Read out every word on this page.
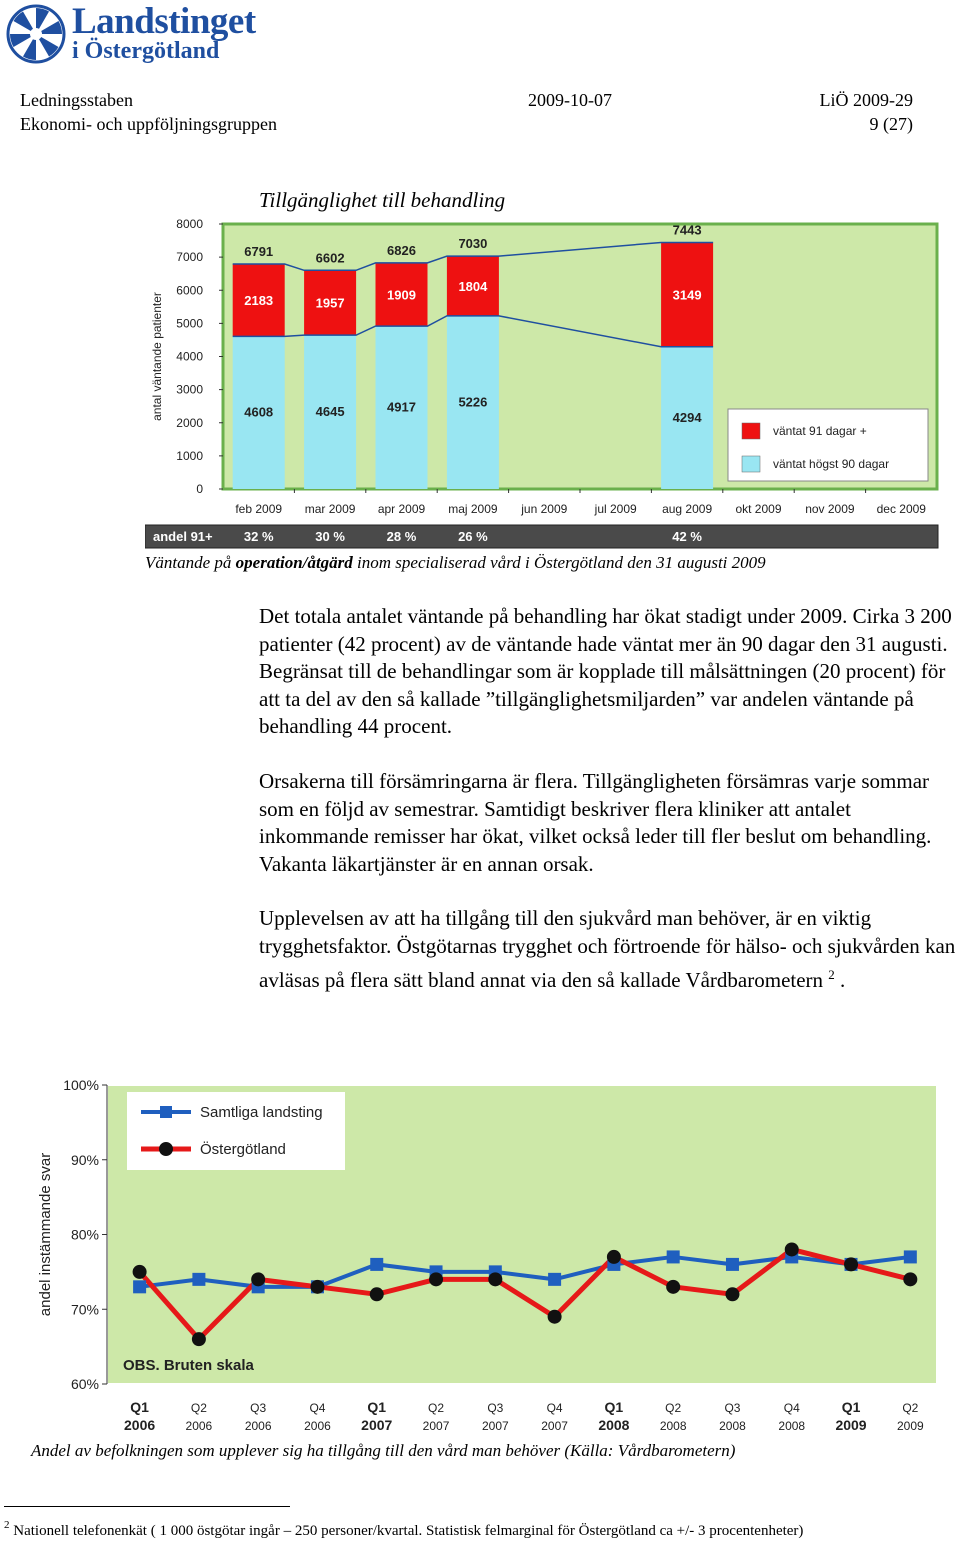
Landstinget
i Östergötland
Ledningsstaben
Ekonomi- och uppföljningsgruppen
2009-10-07	LiÖ 2009-29
9 (27)
Tillgänglighet till behandling
0
1000
2000
3000
4000
5000
6000
7000
8000
antal väntande patienter
feb 2009
4608
2183
6791
mar 2009
4645
1957
6602
apr 2009
4917
1909
6826
maj 2009
5226
1804
7030
jun 2009 jul 2009 aug 2009
4294
3149
7443
okt 2009 nov 2009 dec 2009
väntat 91 dagar +
väntat högst 90 dagar
andel 91+ 32 %	30 %	28 %	26 %	42 %
Väntande på operation/åtgärd inom specialiserad vård i Östergötland den 31 augusti 2009

Det totala antalet väntande på behandling har ökat stadigt under 2009. Cirka 3 200 patienter (42 procent) av de väntande hade väntat mer än 90 dagar den 31 augusti. Begränsat till de behandlingar som är kopplade till målsättningen (20 procent) för att ta del av den så kallade ”tillgänglighetsmiljarden” var andelen väntande på behandling 44 procent.

Orsakerna till försämringarna är flera. Tillgängligheten försämras varje sommar som en följd av semestrar. Samtidigt beskriver flera kliniker att antalet inkommande remisser har ökat, vilket också leder till fler beslut om behandling. Vakanta läkartjänster är en annan orsak.

Upplevelsen av att ha tillgång till den sjukvård man behöver, är en viktig trygghetsfaktor. Östgötarnas trygghet och förtroende för hälso- och sjukvården kan avläsas på flera sätt bland annat via den så kallade Vårdbarometern $^2$ .

60%
70%
80%
90%
100%
andel instämmande svar
Q1
2006
Q2
2006
Q3
2006
Q4
2006
Q1
2007
Q2
2007
Q3
2007
Q4
2007
Q1
2008
Q2
2008
Q3
2008
Q4
2008
Q1
2009
Q2
2009
Samtliga landsting
Östergötland
OBS. Bruten skala
Andel av befolkningen som upplever sig ha tillgång till den vård man behöver (Källa: Vårdbarometern)
$^2$ Nationell telefonenkät ( 1 000 östgötar ingår – 250 personer/kvartal. Statistisk felmarginal för Östergötland ca +/- 3 procentenheter)
